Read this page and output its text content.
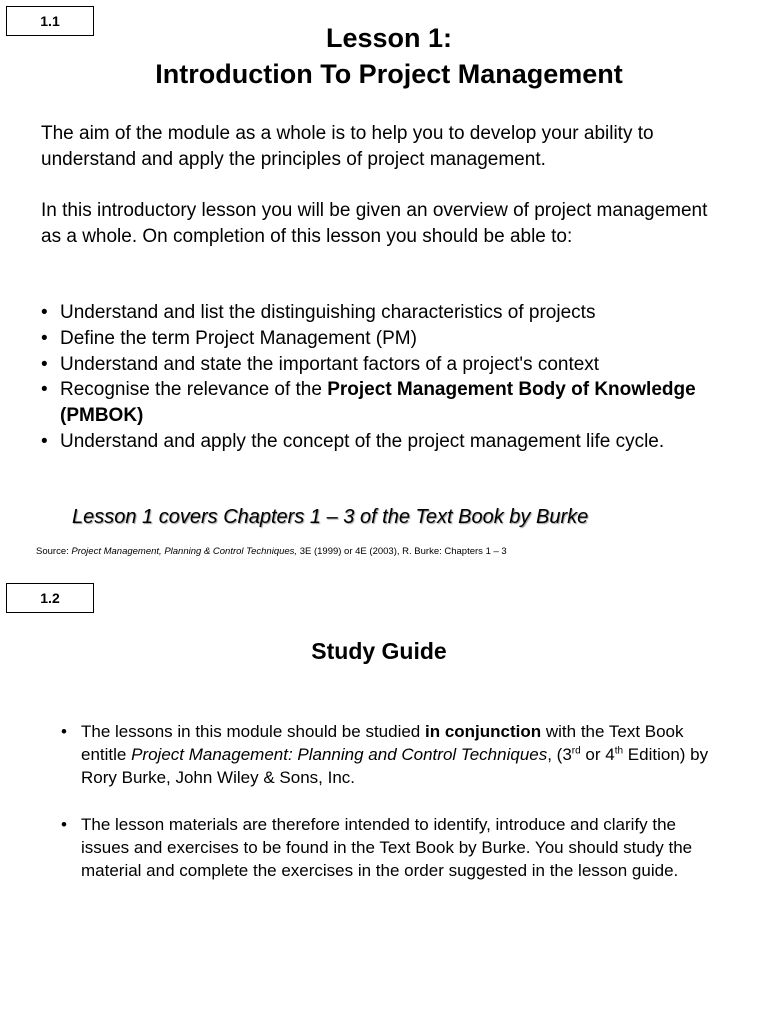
1.1
Lesson 1:
Introduction To Project Management

The aim of the module as a whole is to help you to develop your ability to understand and apply the principles of project management.

In this introductory lesson you will be given an overview of project management as a whole. On completion of this lesson you should be able to:

• Understand and list the distinguishing characteristics of projects
• Define the term Project Management (PM)
• Understand and state the important factors of a project's context
• Recognise the relevance of the Project Management Body of Knowledge (PMBOK)
• Understand and apply the concept of the project management life cycle.

Lesson 1 covers Chapters 1 – 3 of the Text Book by Burke

Source: Project Management, Planning & Control Techniques, 3E (1999) or 4E (2003), R. Burke: Chapters 1 – 3

1.2
Study Guide
• The lessons in this module should be studied in conjunction with the Text Book entitle Project Management: Planning and Control Techniques, (3rd or 4th Edition) by Rory Burke, John Wiley & Sons, Inc.
• The lesson materials are therefore intended to identify, introduce and clarify the issues and exercises to be found in the Text Book by Burke. You should study the material and complete the exercises in the order suggested in the lesson guide.
